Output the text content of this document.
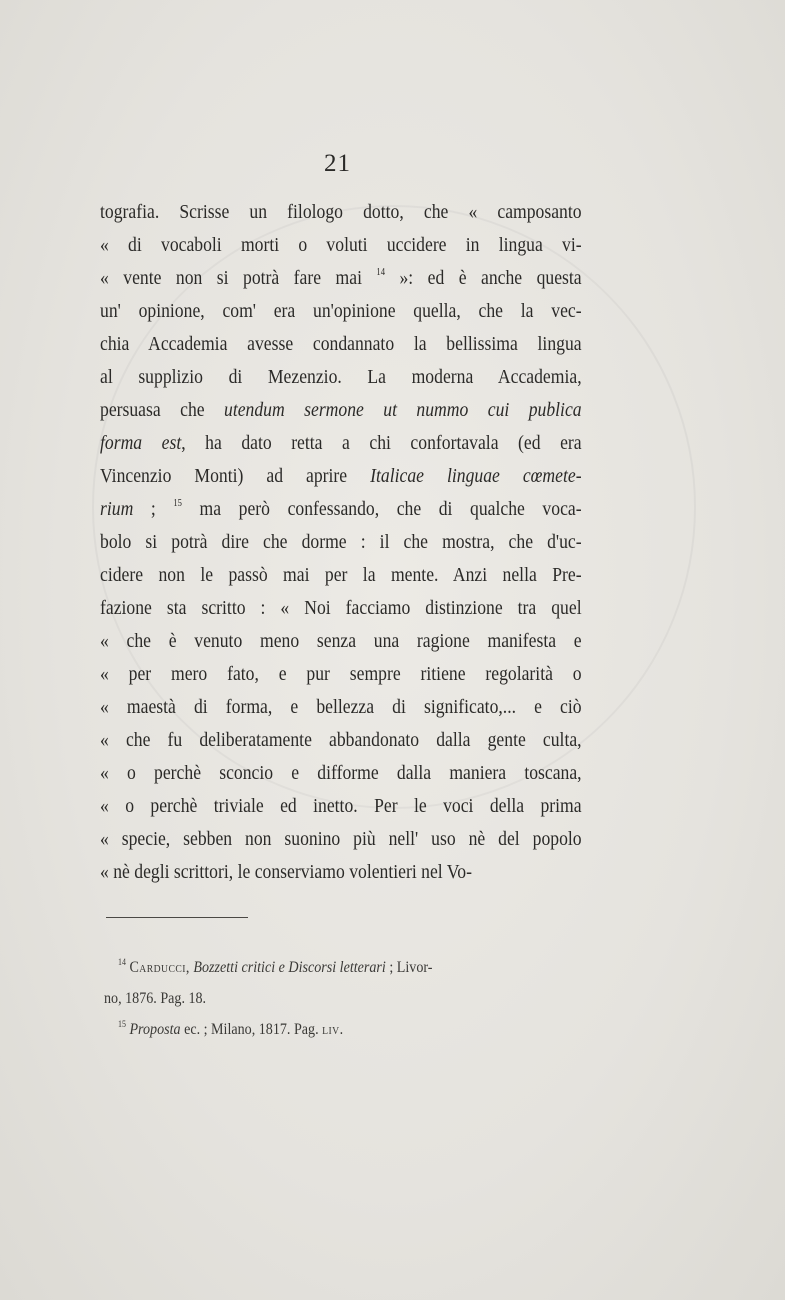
21
tografia. Scrisse un filologo dotto, che « camposanto
« di vocaboli morti o voluti uccidere in lingua vi-
« vente non si potrà fare mai $^{14}$ »: ed è anche questa
un' opinione, com' era un'opinione quella, che la vec-
chia Accademia avesse condannato la bellissima lingua
al supplizio di Mezenzio. La moderna Accademia,
persuasa che utendum sermone ut nummo cui publica
forma est, ha dato retta a chi confortavala (ed era
Vincenzio Monti) ad aprire Italicae linguae cœmete-
rium ; $^{15}$ ma però confessando, che di qualche voca-
bolo si potrà dire che dorme : il che mostra, che d'uc-
cidere non le passò mai per la mente. Anzi nella Pre-
fazione sta scritto : « Noi facciamo distinzione tra quel
« che è venuto meno senza una ragione manifesta e
« per mero fato, e pur sempre ritiene regolarità o
« maestà di forma, e bellezza di significato,... e ciò
« che fu deliberatamente abbandonato dalla gente culta,
« o perchè sconcio e difforme dalla maniera toscana,
« o perchè triviale ed inetto. Per le voci della prima
« specie, sebben non suonino più nell' uso nè del popolo
« nè degli scrittori, le conserviamo volentieri nel Vo-
$^{14}$ Carducci, Bozzetti critici e Discorsi letterari ; Livor-
no, 1876. Pag. 18.
$^{15}$ Proposta ec. ; Milano, 1817. Pag. liv.
